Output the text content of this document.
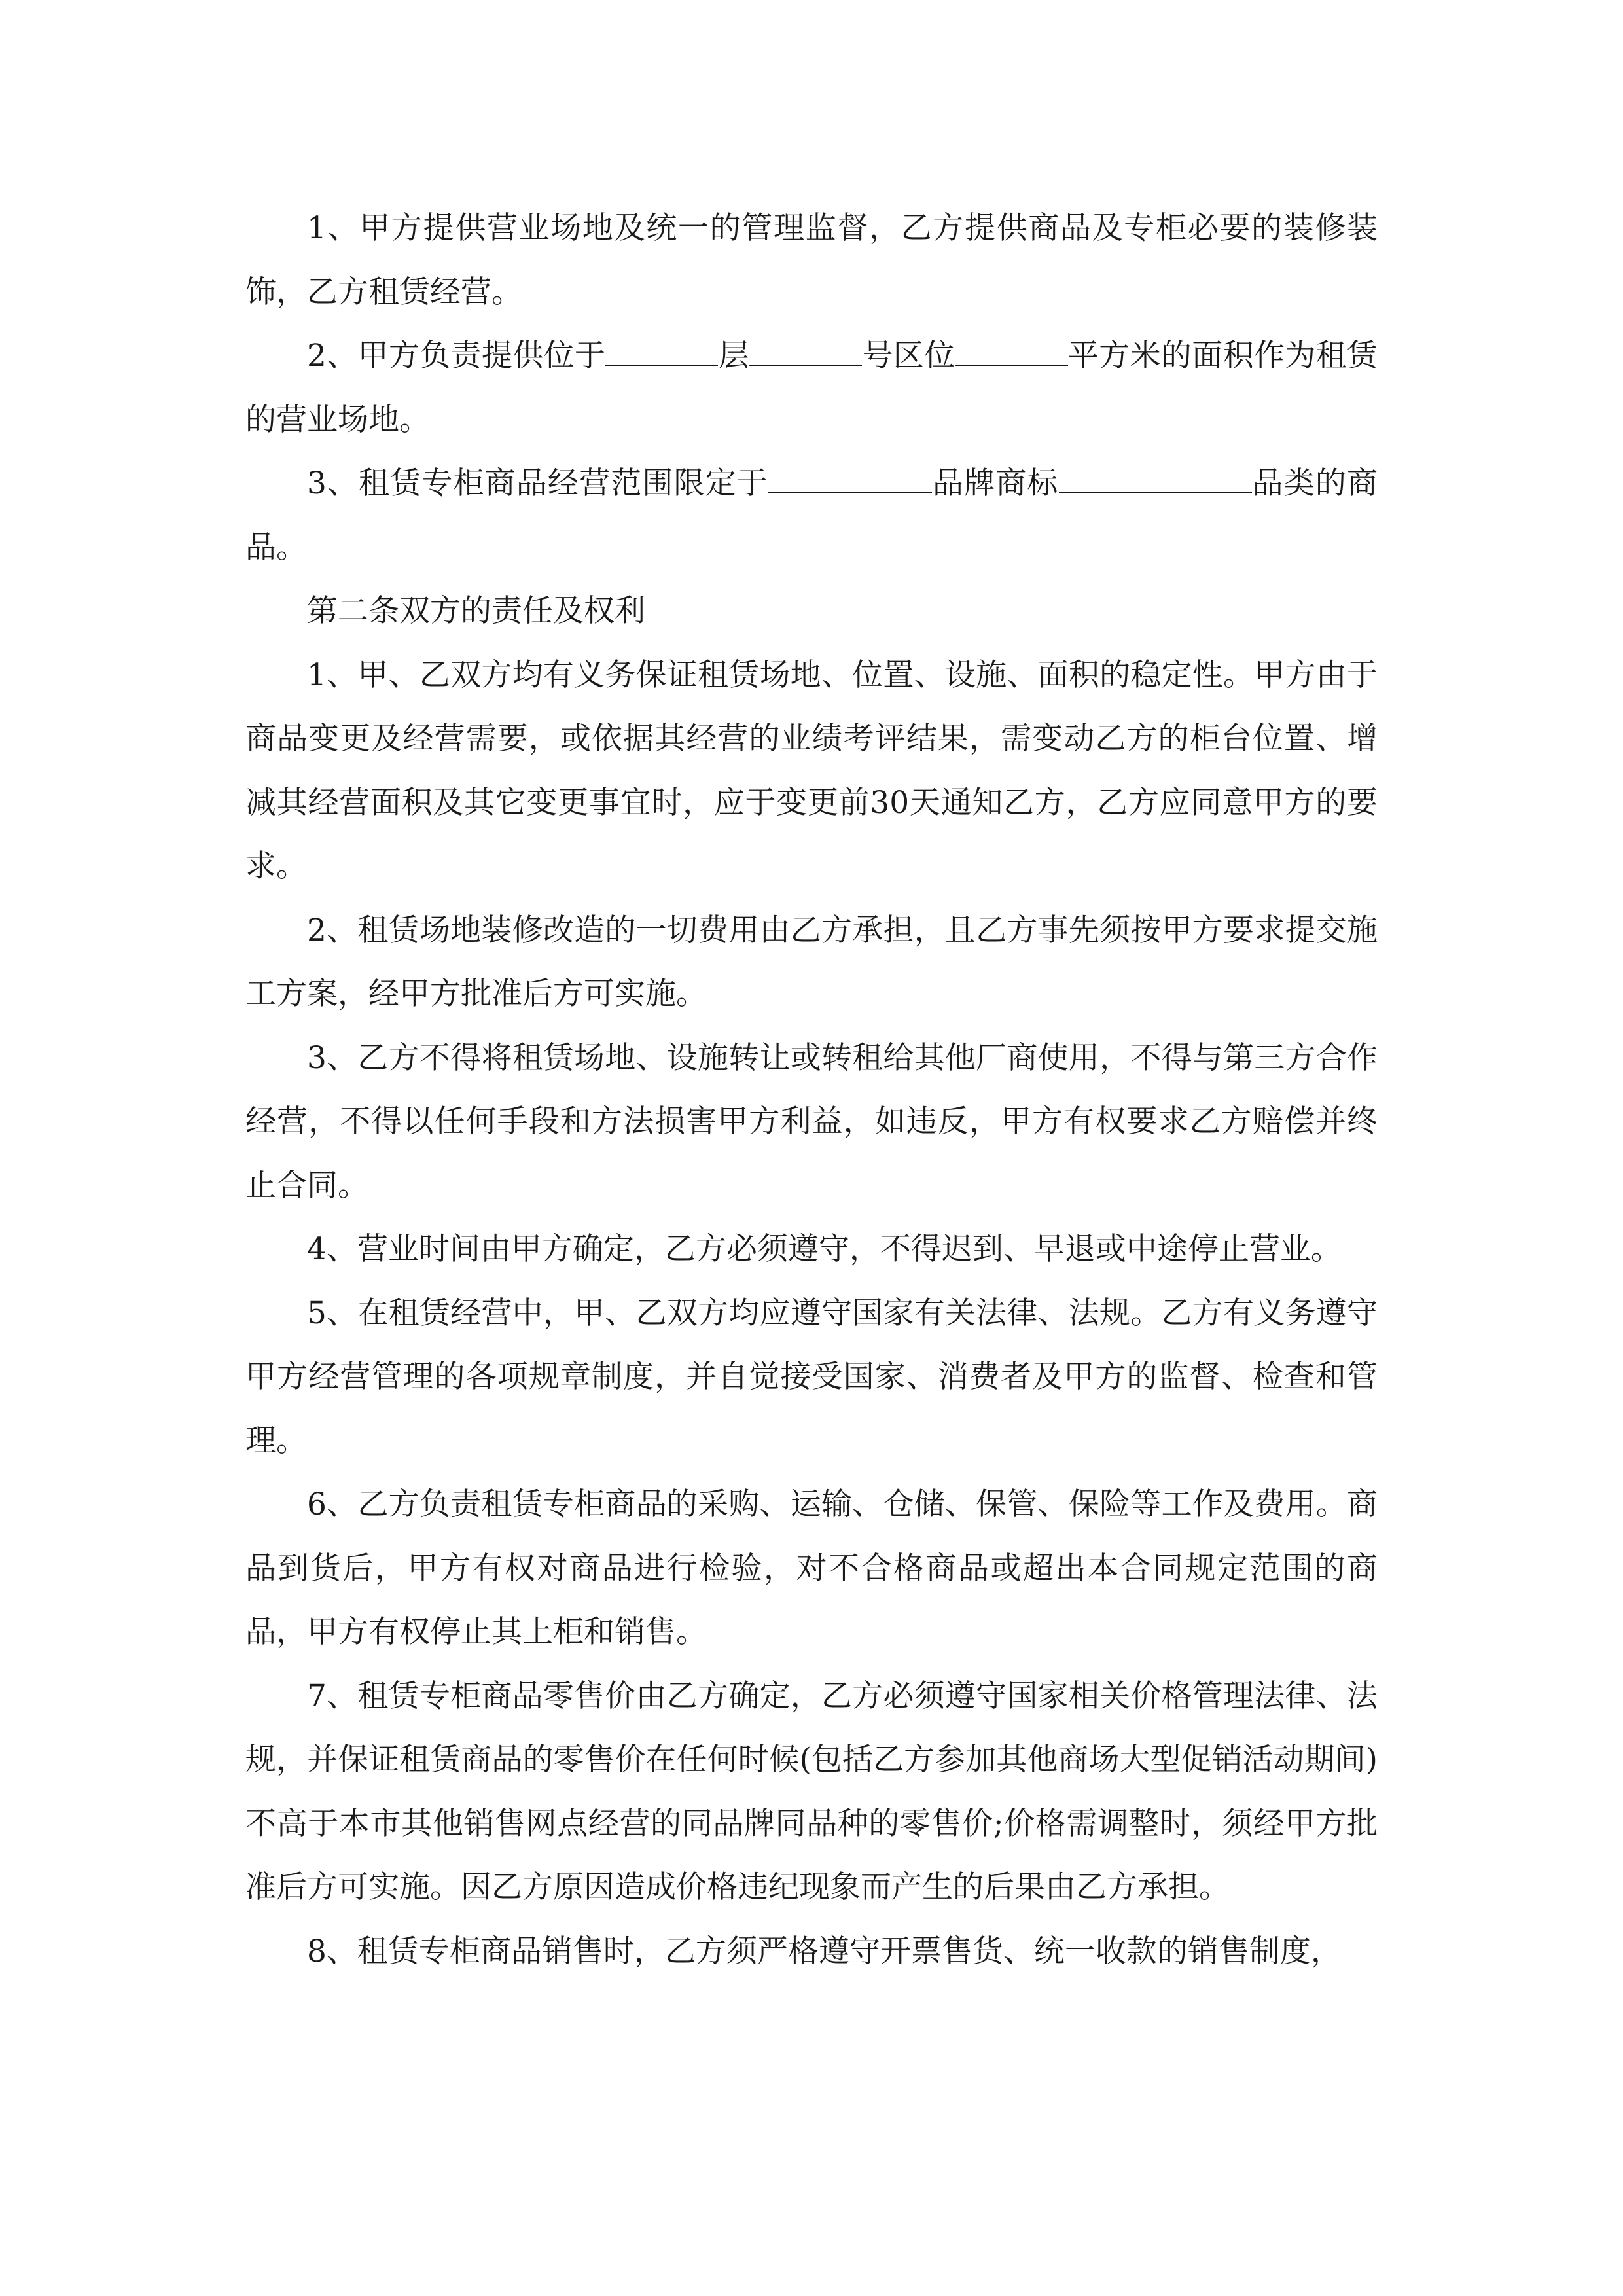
1、甲方提供营业场地及统一的管理监督，乙方提供商品及专柜必要的装修装饰，乙方租赁经营。

2、甲方负责提供位于	层	号区位	平方米的面积作为租赁的营业场地。

3、租赁专柜商品经营范围限定于	品牌商标	品类的商品。

第二条双方的责任及权利

1、甲、乙双方均有义务保证租赁场地、位置、设施、面积的稳定性。甲方由于商品变更及经营需要，或依据其经营的业绩考评结果，需变动乙方的柜台位置、增减其经营面积及其它变更事宜时，应于变更前30天通知乙方，乙方应同意甲方的要求。

2、租赁场地装修改造的一切费用由乙方承担，且乙方事先须按甲方要求提交施工方案，经甲方批准后方可实施。

3、乙方不得将租赁场地、设施转让或转租给其他厂商使用，不得与第三方合作经营，不得以任何手段和方法损害甲方利益，如违反，甲方有权要求乙方赔偿并终止合同。

4、营业时间由甲方确定，乙方必须遵守，不得迟到、早退或中途停止营业。

5、在租赁经营中，甲、乙双方均应遵守国家有关法律、法规。乙方有义务遵守甲方经营管理的各项规章制度，并自觉接受国家、消费者及甲方的监督、检查和管理。

6、乙方负责租赁专柜商品的采购、运输、仓储、保管、保险等工作及费用。商品到货后，甲方有权对商品进行检验，对不合格商品或超出本合同规定范围的商品，甲方有权停止其上柜和销售。

7、租赁专柜商品零售价由乙方确定，乙方必须遵守国家相关价格管理法律、法规，并保证租赁商品的零售价在任何时候(包括乙方参加其他商场大型促销活动期间)不高于本市其他销售网点经营的同品牌同品种的零售价;价格需调整时，须经甲方批准后方可实施。因乙方原因造成价格违纪现象而产生的后果由乙方承担。

8、租赁专柜商品销售时，乙方须严格遵守开票售货、统一收款的销售制度，
